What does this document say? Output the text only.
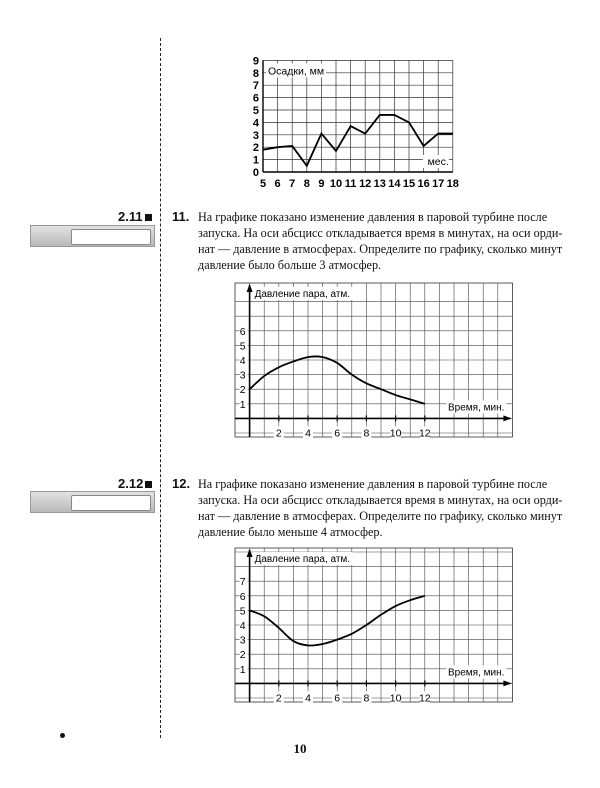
0
1
2
3
4
5
6
7
8
9
5 6 7 8 9 10 11 12 13 14 15 16 17 18
Осадки, мм
мес.
2.11	11. На графике показано изменение давления в паровой турбине после
запуска. На оси абсцисс откладывается время в минутах, на оси орди-
нат — давление в атмосферах. Определите по графику, сколько минут
давление было больше 3 атмосфер.

1
2
3
4
5
6
2 4 6 8 10 12
Давление пара, атм.
Время, мин.
2.12	12. На графике показано изменение давления в паровой турбине после
запуска. На оси абсцисс откладывается время в минутах, на оси орди-
нат — давление в атмосферах. Определите по графику, сколько минут
давление было меньше 4 атмосфер.

1
2
3
4
5
6
7
2 4 6 8 10 12
Давление пара, атм.
Время, мин.
10
